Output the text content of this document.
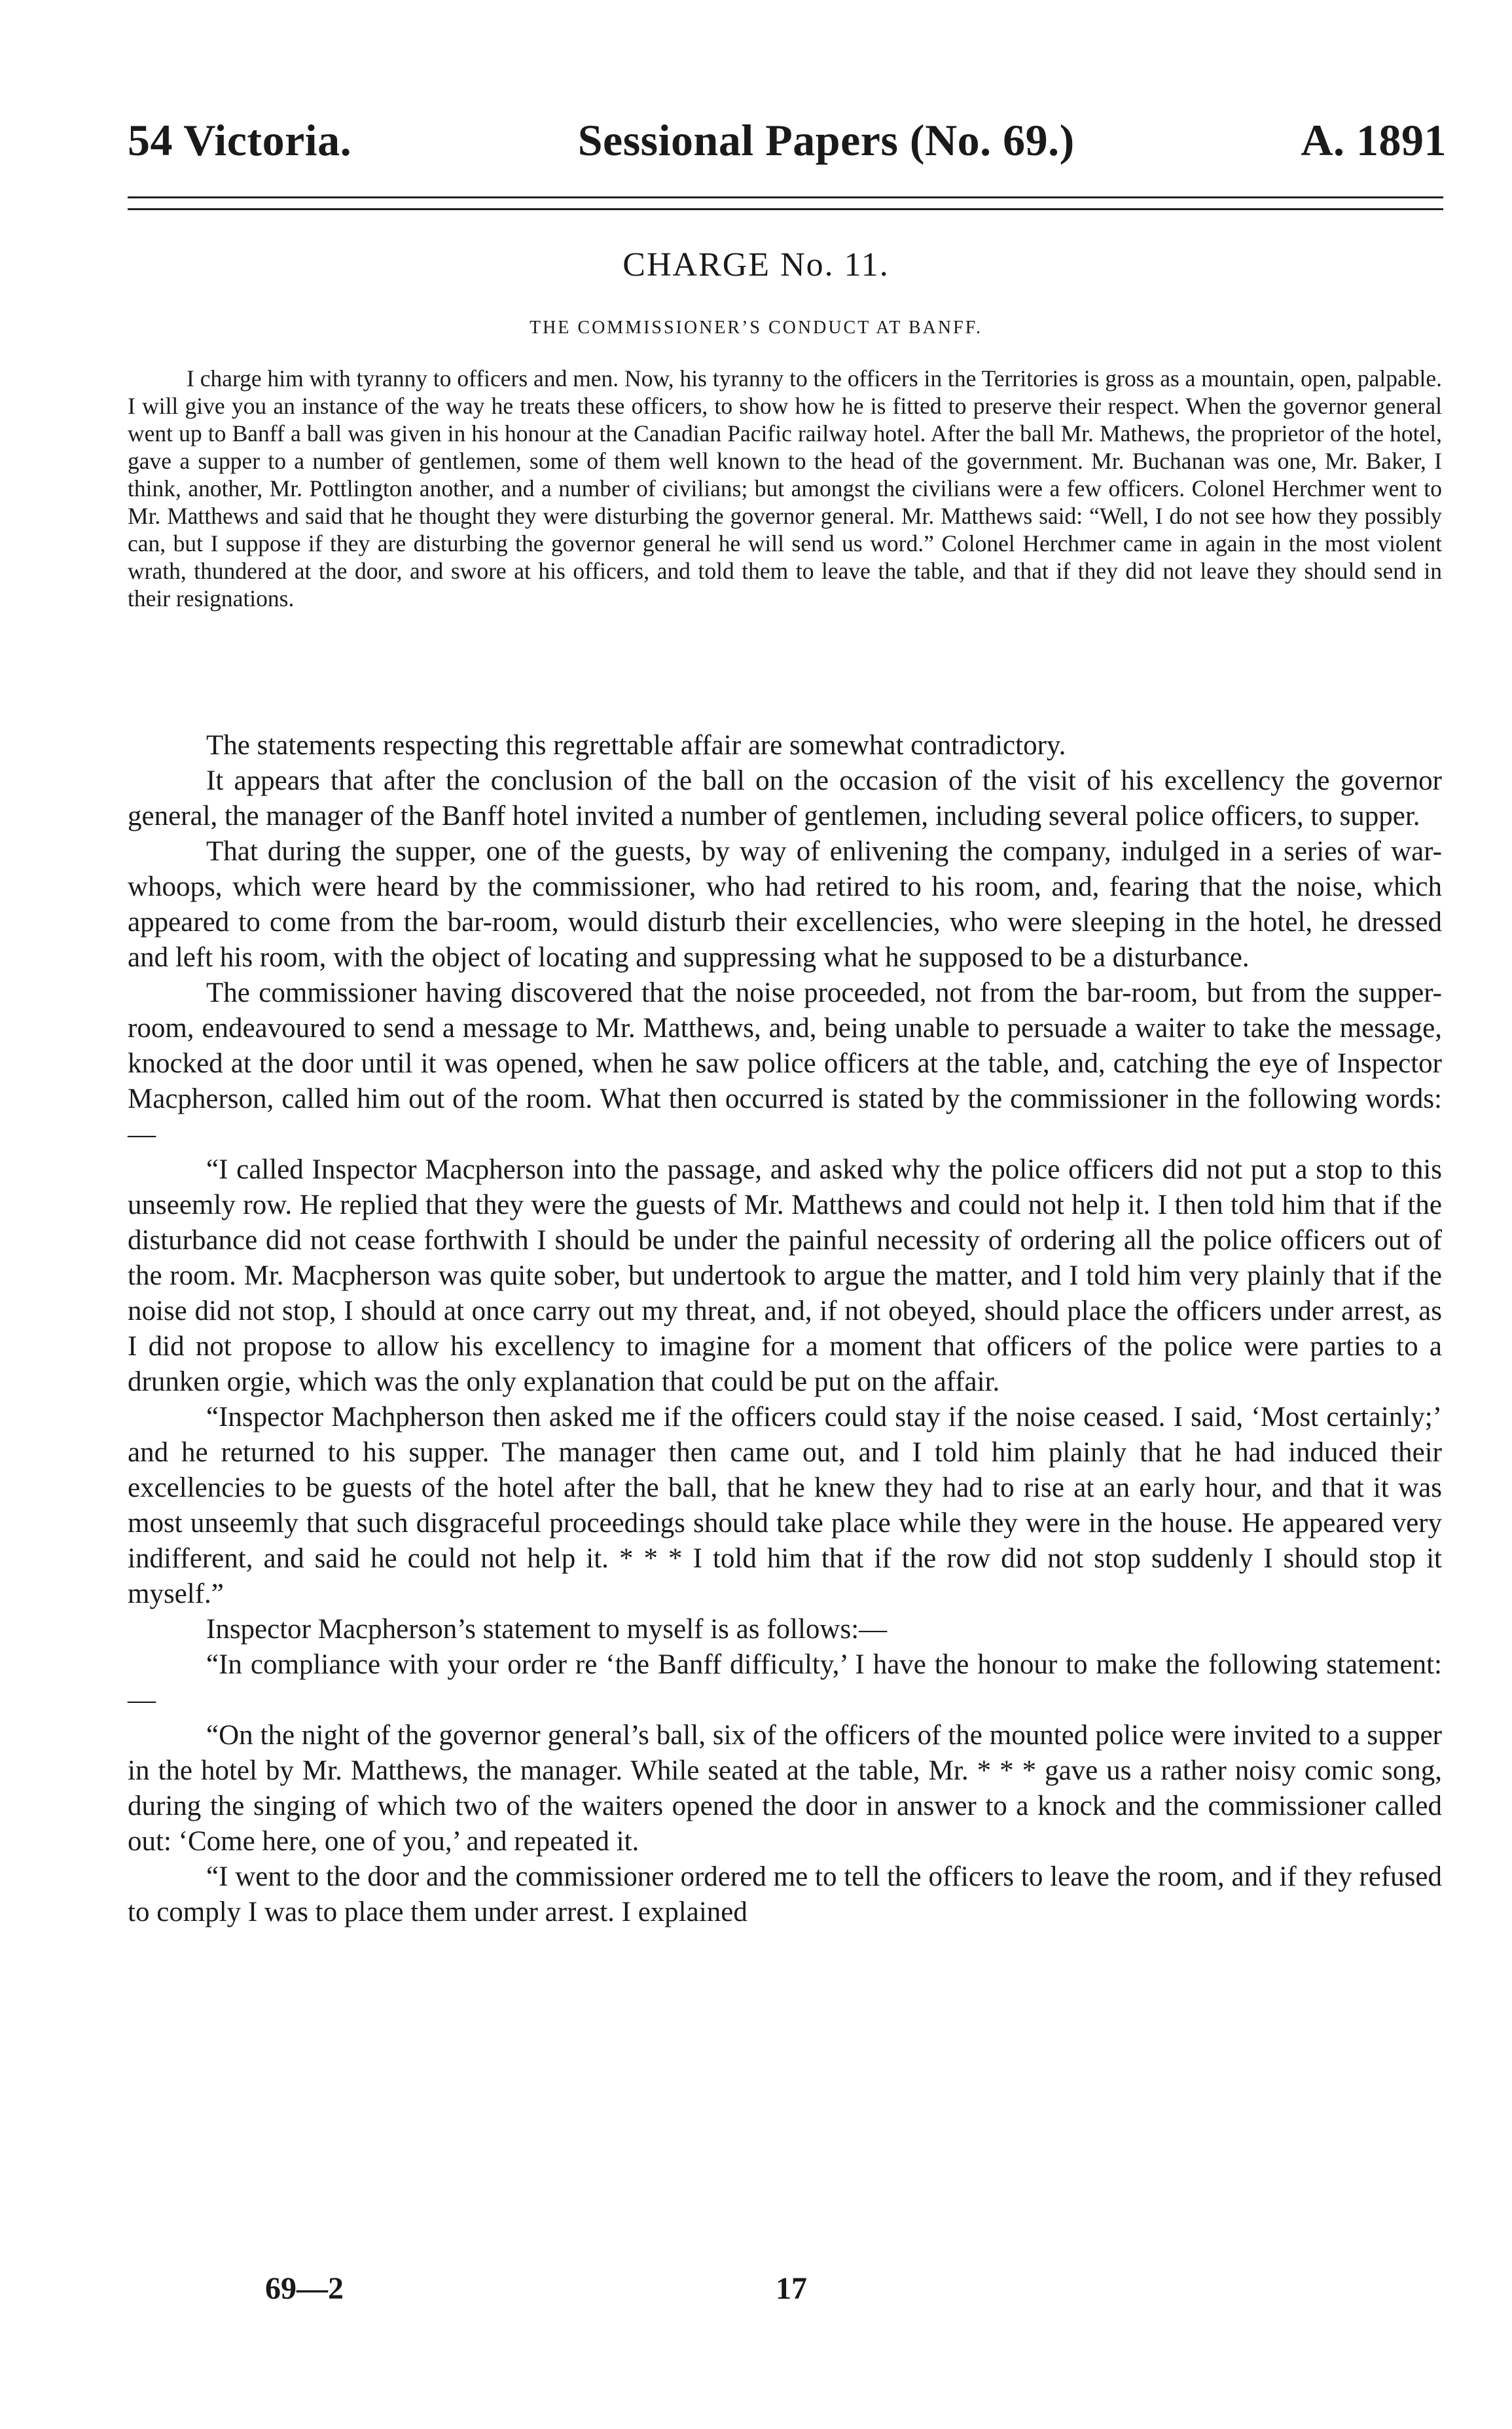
54 Victoria.	Sessional Papers (No. 69.)	A. 1891
CHARGE No. 11.
THE COMMISSIONER’S CONDUCT AT BANFF.

I charge him with tyranny to officers and men. Now, his tyranny to the officers in the Territories is gross as a mountain, open, palpable. I will give you an instance of the way he treats these officers, to show how he is fitted to preserve their respect. When the governor general went up to Banff a ball was given in his honour at the Canadian Pacific railway hotel. After the ball Mr. Mathews, the proprietor of the hotel, gave a supper to a number of gentlemen, some of them well known to the head of the government. Mr. Buchanan was one, Mr. Baker, I think, another, Mr. Pottlington another, and a number of civilians; but amongst the civilians were a few officers. Colonel Herchmer went to Mr. Matthews and said that he thought they were disturbing the governor general. Mr. Matthews said: “Well, I do not see how they possibly can, but I suppose if they are disturbing the governor general he will send us word.” Colonel Herchmer came in again in the most violent wrath, thundered at the door, and swore at his officers, and told them to leave the table, and that if they did not leave they should send in their resignations.

The statements respecting this regrettable affair are somewhat contradictory.

It appears that after the conclusion of the ball on the occasion of the visit of his excellency the governor general, the manager of the Banff hotel invited a number of gentlemen, including several police officers, to supper.

That during the supper, one of the guests, by way of enlivening the company, indulged in a series of war-whoops, which were heard by the commissioner, who had retired to his room, and, fearing that the noise, which appeared to come from the bar-room, would disturb their excellencies, who were sleeping in the hotel, he dressed and left his room, with the object of locating and suppressing what he supposed to be a disturbance.

The commissioner having discovered that the noise proceeded, not from the bar-room, but from the supper-room, endeavoured to send a message to Mr. Matthews, and, being unable to persuade a waiter to take the message, knocked at the door until it was opened, when he saw police officers at the table, and, catching the eye of Inspector Macpherson, called him out of the room. What then occurred is stated by the commissioner in the following words:—

“I called Inspector Macpherson into the passage, and asked why the police officers did not put a stop to this unseemly row. He replied that they were the guests of Mr. Matthews and could not help it. I then told him that if the disturbance did not cease forthwith I should be under the painful necessity of ordering all the police officers out of the room. Mr. Macpherson was quite sober, but undertook to argue the matter, and I told him very plainly that if the noise did not stop, I should at once carry out my threat, and, if not obeyed, should place the officers under arrest, as I did not propose to allow his excellency to imagine for a moment that officers of the police were parties to a drunken orgie, which was the only explanation that could be put on the affair.

“Inspector Machpherson then asked me if the officers could stay if the noise ceased. I said, ‘Most certainly;’ and he returned to his supper. The manager then came out, and I told him plainly that he had induced their excellencies to be guests of the hotel after the ball, that he knew they had to rise at an early hour, and that it was most unseemly that such disgraceful proceedings should take place while they were in the house. He appeared very indifferent, and said he could not help it. * * * I told him that if the row did not stop suddenly I should stop it myself.”

Inspector Macpherson’s statement to myself is as follows:—

“In compliance with your order re ‘the Banff difficulty,’ I have the honour to make the following statement:—

“On the night of the governor general’s ball, six of the officers of the mounted police were invited to a supper in the hotel by Mr. Matthews, the manager. While seated at the table, Mr. * * * gave us a rather noisy comic song, during the singing of which two of the waiters opened the door in answer to a knock and the commissioner called out: ‘Come here, one of you,’ and repeated it.

“I went to the door and the commissioner ordered me to tell the officers to leave the room, and if they refused to comply I was to place them under arrest. I explained

69—2	17
